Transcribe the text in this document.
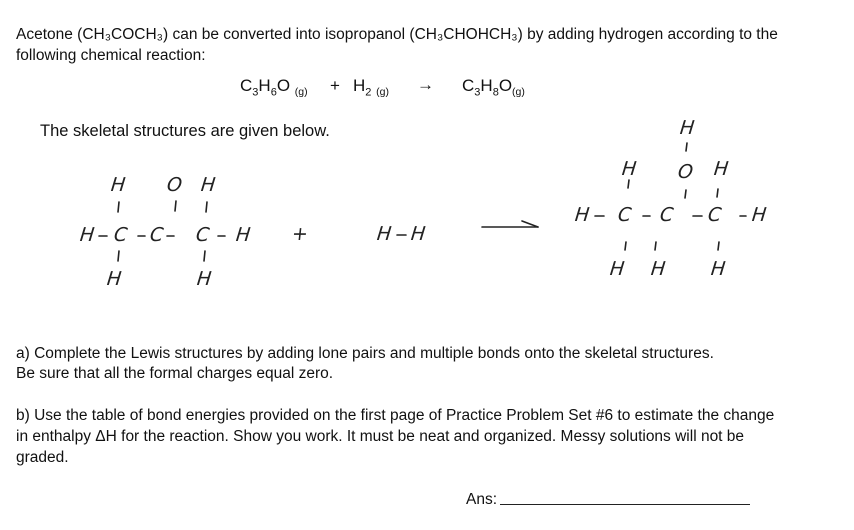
Acetone (CH₃COCH₃) can be converted into isopropanol (CH₃CHOHCH₃) by adding hydrogen according to the
following chemical reaction:
$C_3H_6O$ $_{(g)} + H_2$ $_{(g)} \to C_3H_8O_{(g)}$
The skeletal structures are given below.
H O H
H C C C H
H	H
+	H H
H
H O H
H C C C H
H H H
a) Complete the Lewis structures by adding lone pairs and multiple bonds onto the skeletal structures.
Be sure that all the formal charges equal zero.
b) Use the table of bond energies provided on the first page of Practice Problem Set #6 to estimate the change
in enthalpy ΔH for the reaction. Show you work. It must be neat and organized. Messy solutions will not be
graded.
Ans:
